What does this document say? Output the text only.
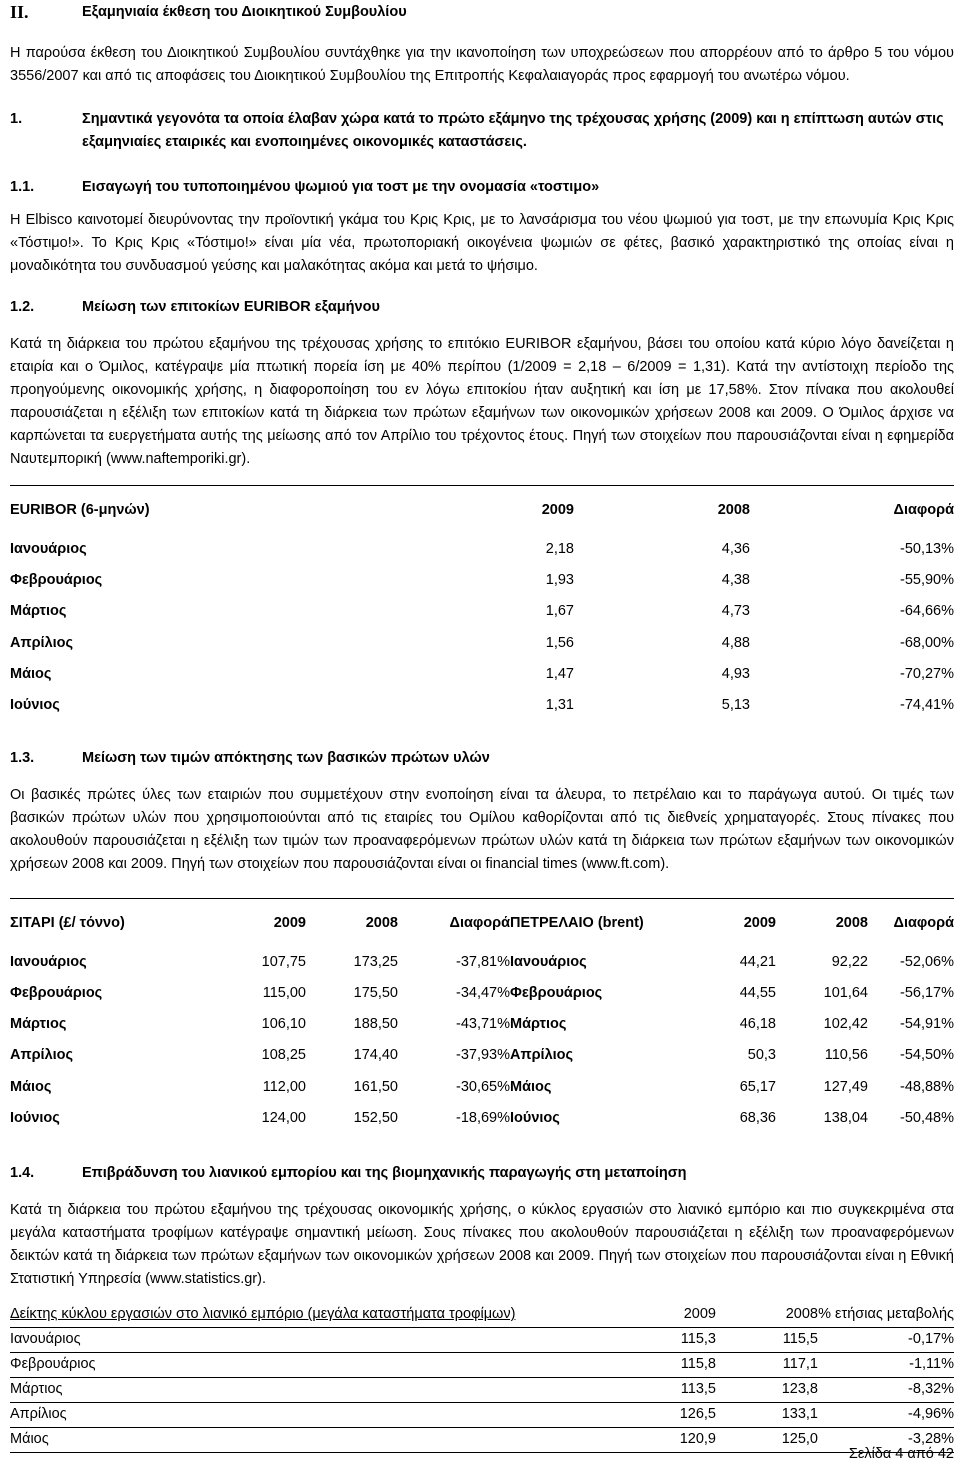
II.	Εξαμηνιαία έκθεση του Διοικητικού Συμβουλίου

Η παρούσα έκθεση του Διοικητικού Συμβουλίου συντάχθηκε για την ικανοποίηση των υποχρεώσεων που απορρέουν από το άρθρο 5 του νόμου 3556/2007 και από τις αποφάσεις του Διοικητικού Συμβουλίου της Επιτροπής Κεφαλαιαγοράς προς εφαρμογή του ανωτέρω νόμου.

1.	Σημαντικά γεγονότα τα οποία έλαβαν χώρα κατά το πρώτο εξάμηνο της τρέχουσας χρήσης (2009) και η επίπτωση αυτών στις εξαμηνιαίες εταιρικές και ενοποιημένες οικονομικές καταστάσεις.
1.1.	Εισαγωγή του τυποποιημένου ψωμιού για τοστ με την ονομασία «τοστιμο»

Η Elbisco καινοτομεί διευρύνοντας την προϊοντική γκάμα του Κρις Κρις, με το λανσάρισμα του νέου ψωμιού για τοστ, με την επωνυμία Κρις Κρις «Τόστιμο!». Το Κρις Κρις «Τόστιμο!» είναι μία νέα, πρωτοποριακή οικογένεια ψωμιών σε φέτες, βασικό χαρακτηριστικό της οποίας είναι η μοναδικότητα του συνδυασμού γεύσης και μαλακότητας ακόμα και μετά το ψήσιμο.

1.2.	Μείωση των επιτοκίων EURIBOR εξαμήνου

Κατά τη διάρκεια του πρώτου εξαμήνου της τρέχουσας χρήσης το επιτόκιο EURIBOR εξαμήνου, βάσει του οποίου κατά κύριο λόγο δανείζεται η εταιρία και ο Όμιλος, κατέγραψε μία πτωτική πορεία ίση με 40% περίπου (1/2009 = 2,18 – 6/2009 = 1,31). Κατά την αντίστοιχη περίοδο της προηγούμενης οικονομικής χρήσης, η διαφοροποίηση του εν λόγω επιτοκίου ήταν αυξητική και ίση με 17,58%. Στον πίνακα που ακολουθεί παρουσιάζεται η εξέλιξη των επιτοκίων κατά τη διάρκεια των πρώτων εξαμήνων των οικονομικών χρήσεων 2008 και 2009. Ο Όμιλος άρχισε να καρπώνεται τα ευεργετήματα αυτής της μείωσης από τον Απρίλιο του τρέχοντος έτους. Πηγή των στοιχείων που παρουσιάζονται είναι η εφημερίδα Ναυτεμπορική (www.naftemporiki.gr).

EURIBOR (6-μηνών)	2009	2008	Διαφορά
Ιανουάριος	2,18	4,36	-50,13%
Φεβρουάριος	1,93	4,38	-55,90%
Μάρτιος	1,67	4,73	-64,66%
Απρίλιος	1,56	4,88	-68,00%
Μάιος	1,47	4,93	-70,27%
Ιούνιος	1,31	5,13	-74,41%
1.3.	Μείωση των τιμών απόκτησης των βασικών πρώτων υλών

Οι βασικές πρώτες ύλες των εταιριών που συμμετέχουν στην ενοποίηση είναι τα άλευρα, το πετρέλαιο και το παράγωγα αυτού. Οι τιμές των βασικών πρώτων υλών που χρησιμοποιούνται από τις εταιρίες του Ομίλου καθορίζονται από τις διεθνείς χρηματαγορές. Στους πίνακες που ακολουθούν παρουσιάζεται η εξέλιξη των τιμών των προαναφερόμενων πρώτων υλών κατά τη διάρκεια των πρώτων εξαμήνων των οικονομικών χρήσεων 2008 και 2009. Πηγή των στοιχείων που παρουσιάζονται είναι οι financial times (www.ft.com).

ΣΙΤΑΡΙ (£/ τόννο)	2009	2008	Διαφορά	ΠΕΤΡΕΛΑΙΟ (brent)	2009	2008	Διαφορά
Ιανουάριος	107,75	173,25	-37,81%	Ιανουάριος	44,21	92,22	-52,06%
Φεβρουάριος	115,00	175,50	-34,47%	Φεβρουάριος	44,55	101,64	-56,17%
Μάρτιος	106,10	188,50	-43,71%	Μάρτιος	46,18	102,42	-54,91%
Απρίλιος	108,25	174,40	-37,93%	Απρίλιος	50,3	110,56	-54,50%
Μάιος	112,00	161,50	-30,65%	Μάιος	65,17	127,49	-48,88%
Ιούνιος	124,00	152,50	-18,69%	Ιούνιος	68,36	138,04	-50,48%
1.4.	Επιβράδυνση του λιανικού εμπορίου και της βιομηχανικής παραγωγής στη μεταποίηση

Κατά τη διάρκεια του πρώτου εξαμήνου της τρέχουσας οικονομικής χρήσης, ο κύκλος εργασιών στο λιανικό εμπόριο και πιο συγκεκριμένα στα μεγάλα καταστήματα τροφίμων κατέγραψε σημαντική μείωση. Σους πίνακες που ακολουθούν παρουσιάζεται η εξέλιξη των προαναφερόμενων δεικτών κατά τη διάρκεια των πρώτων εξαμήνων των οικονομικών χρήσεων 2008 και 2009. Πηγή των στοιχείων που παρουσιάζονται είναι η Εθνική Στατιστική Υπηρεσία (www.statistics.gr).

Δείκτης κύκλου εργασιών στο λιανικό εμπόριο (μεγάλα καταστήματα τροφίμων)	2009	2008	% ετήσιας μεταβολής
Ιανουάριος	115,3	115,5	-0,17%
Φεβρουάριος	115,8	117,1	-1,11%
Μάρτιος	113,5	123,8	-8,32%
Απρίλιος	126,5	133,1	-4,96%
Μάιος	120,9	125,0	-3,28%
Σελίδα 4 από 42
